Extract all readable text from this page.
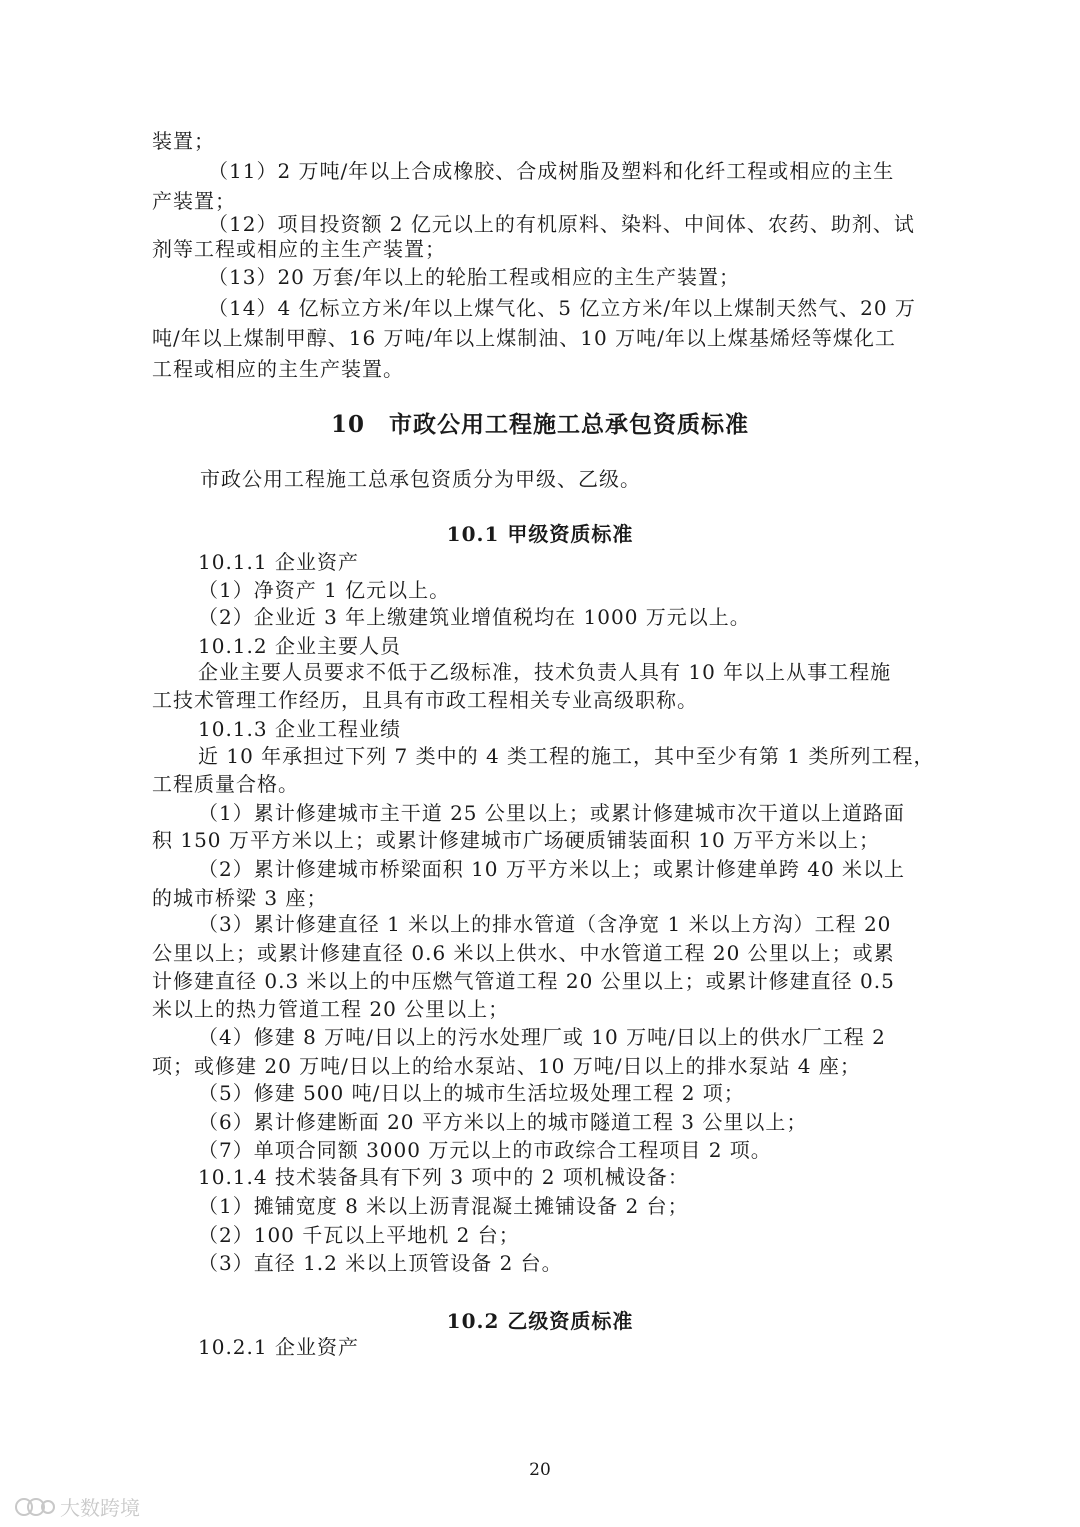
装置；
（11）2 万吨/年以上合成橡胶、合成树脂及塑料和化纤工程或相应的主生
产装置；
（12）项目投资额 2 亿元以上的有机原料、染料、中间体、农药、助剂、试
剂等工程或相应的主生产装置；
（13）20 万套/年以上的轮胎工程或相应的主生产装置；
（14）4 亿标立方米/年以上煤气化、5 亿立方米/年以上煤制天然气、20 万
吨/年以上煤制甲醇、16 万吨/年以上煤制油、10 万吨/年以上煤基烯烃等煤化工
工程或相应的主生产装置。
10　市政公用工程施工总承包资质标准
市政公用工程施工总承包资质分为甲级、乙级。
10.1 甲级资质标准
10.1.1 企业资产
（1）净资产 1 亿元以上。
（2）企业近 3 年上缴建筑业增值税均在 1000 万元以上。
10.1.2 企业主要人员
企业主要人员要求不低于乙级标准，技术负责人具有 10 年以上从事工程施
工技术管理工作经历，且具有市政工程相关专业高级职称。
10.1.3 企业工程业绩
近 10 年承担过下列 7 类中的 4 类工程的施工，其中至少有第 1 类所列工程，
工程质量合格。
（1）累计修建城市主干道 25 公里以上；或累计修建城市次干道以上道路面
积 150 万平方米以上；或累计修建城市广场硬质铺装面积 10 万平方米以上；
（2）累计修建城市桥梁面积 10 万平方米以上；或累计修建单跨 40 米以上
的城市桥梁 3 座；
（3）累计修建直径 1 米以上的排水管道（含净宽 1 米以上方沟）工程 20
公里以上；或累计修建直径 0.6 米以上供水、中水管道工程 20 公里以上；或累
计修建直径 0.3 米以上的中压燃气管道工程 20 公里以上；或累计修建直径 0.5
米以上的热力管道工程 20 公里以上；
（4）修建 8 万吨/日以上的污水处理厂或 10 万吨/日以上的供水厂工程 2
项；或修建 20 万吨/日以上的给水泵站、10 万吨/日以上的排水泵站 4 座；
（5）修建 500 吨/日以上的城市生活垃圾处理工程 2 项；
（6）累计修建断面 20 平方米以上的城市隧道工程 3 公里以上；
（7）单项合同额 3000 万元以上的市政综合工程项目 2 项。
10.1.4 技术装备具有下列 3 项中的 2 项机械设备：
（1）摊铺宽度 8 米以上沥青混凝土摊铺设备 2 台；
（2）100 千瓦以上平地机 2 台；
（3）直径 1.2 米以上顶管设备 2 台。
10.2 乙级资质标准
10.2.1 企业资产
20
大数跨境
